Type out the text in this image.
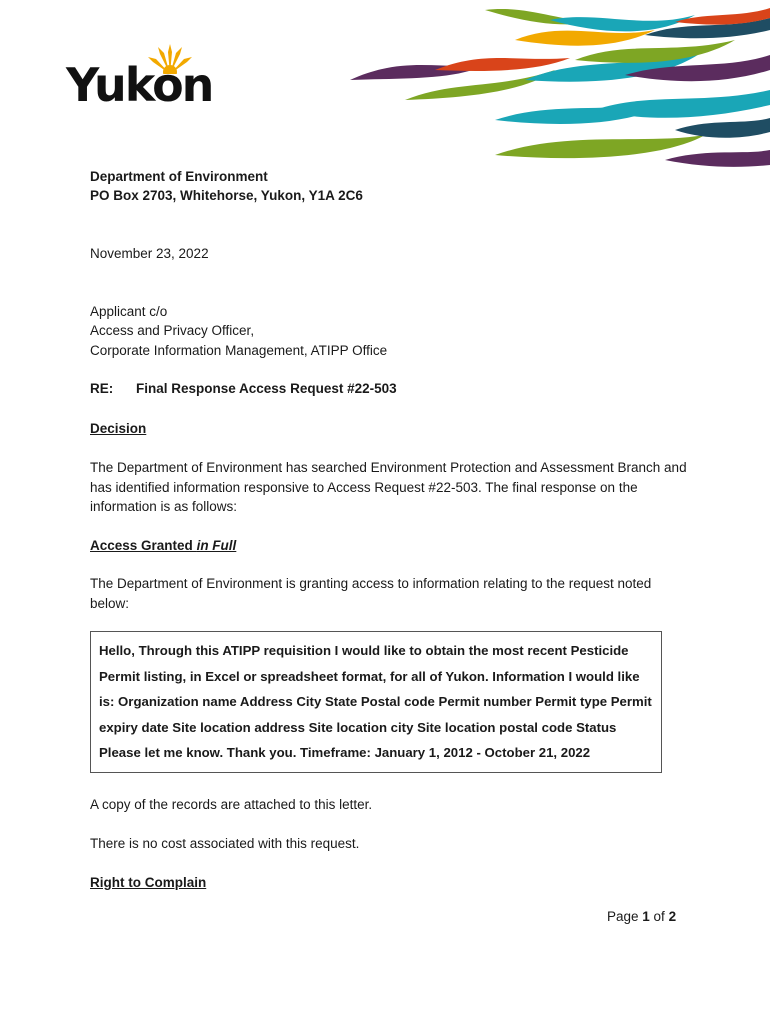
Yukon
Department of Environment
PO Box 2703, Whitehorse, Yukon, Y1A 2C6
November 23, 2022
Applicant c/o
Access and Privacy Officer,
Corporate Information Management, ATIPP Office
RE: Final Response Access Request #22-503
Decision
The Department of Environment has searched Environment Protection and Assessment Branch and has identified information responsive to Access Request #22-503. The final response on the information is as follows:
Access Granted in Full
The Department of Environment is granting access to information relating to the request noted below:
Hello, Through this ATIPP requisition I would like to obtain the most recent Pesticide Permit listing, in Excel or spreadsheet format, for all of Yukon. Information I would like is: Organization name Address City State Postal code Permit number Permit type Permit expiry date Site location address Site location city Site location postal code Status Please let me know. Thank you. Timeframe: January 1, 2012 - October 21, 2022
A copy of the records are attached to this letter.
There is no cost associated with this request.
Right to Complain
Page 1 of 2
